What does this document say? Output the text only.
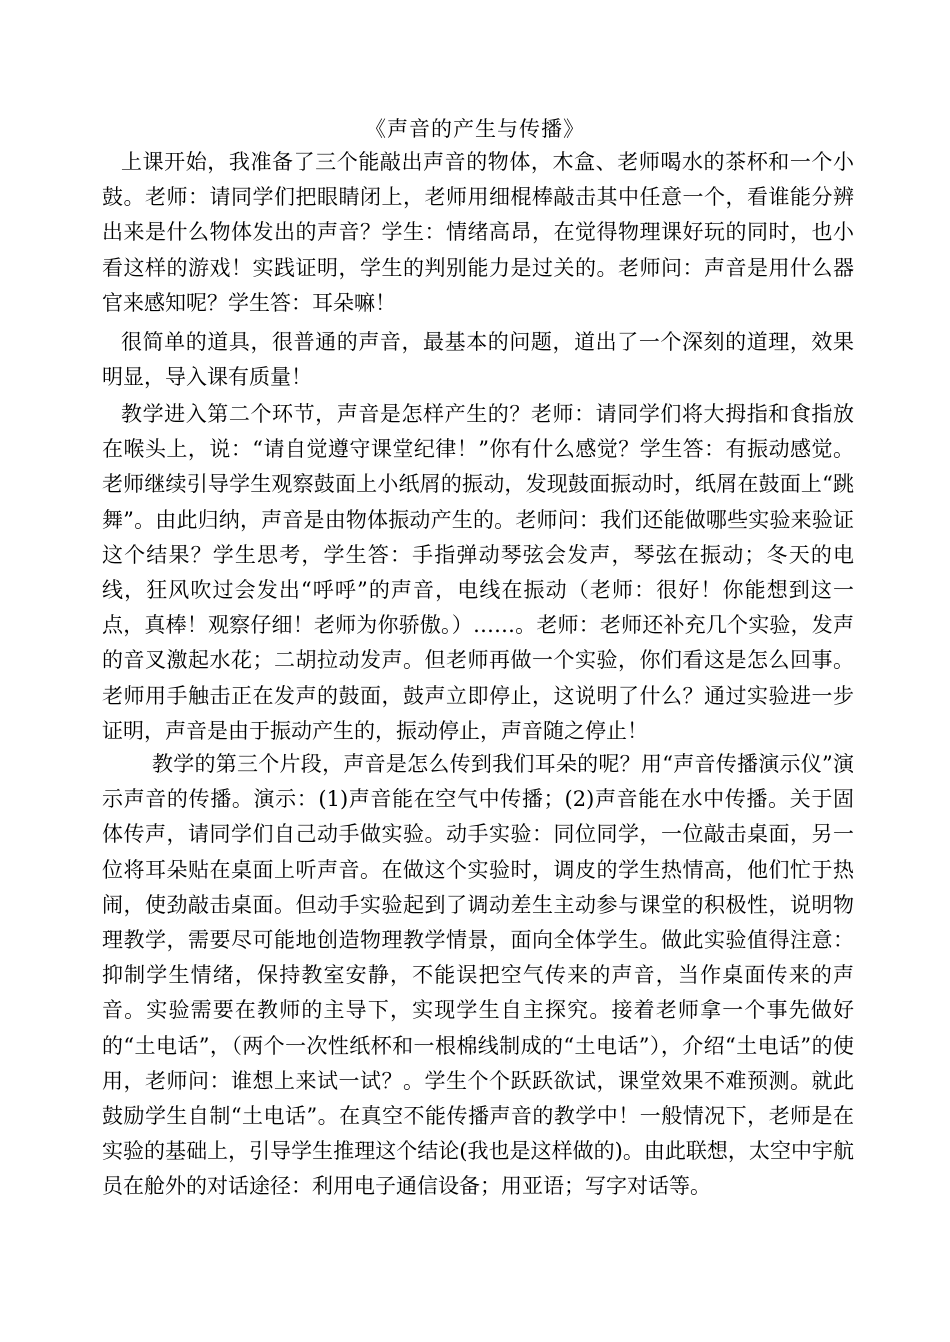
《声音的产生与传播》

上课开始，我准备了三个能敲出声音的物体，木盒、老师喝水的茶杯和一个小鼓。老师：请同学们把眼睛闭上，老师用细棍棒敲击其中任意一个，看谁能分辨出来是什么物体发出的声音？学生：情绪高昂，在觉得物理课好玩的同时，也小看这样的游戏！实践证明，学生的判别能力是过关的。老师问：声音是用什么器官来感知呢？学生答：耳朵嘛！

很简单的道具，很普通的声音，最基本的问题，道出了一个深刻的道理，效果明显，导入课有质量！

教学进入第二个环节，声音是怎样产生的？老师：请同学们将大拇指和食指放在喉头上，说：“请自觉遵守课堂纪律！”你有什么感觉？学生答：有振动感觉。老师继续引导学生观察鼓面上小纸屑的振动，发现鼓面振动时，纸屑在鼓面上“跳舞”。由此归纳，声音是由物体振动产生的。老师问：我们还能做哪些实验来验证这个结果？学生思考，学生答：手指弹动琴弦会发声，琴弦在振动；冬天的电线，狂风吹过会发出“呼呼”的声音，电线在振动（老师：很好！你能想到这一点，真棒！观察仔细！老师为你骄傲。）……。老师：老师还补充几个实验，发声的音叉激起水花；二胡拉动发声。但老师再做一个实验，你们看这是怎么回事。老师用手触击正在发声的鼓面，鼓声立即停止，这说明了什么？通过实验进一步证明，声音是由于振动产生的，振动停止，声音随之停止！

教学的第三个片段，声音是怎么传到我们耳朵的呢？用“声音传播演示仪”演示声音的传播。演示：(1)声音能在空气中传播；(2)声音能在水中传播。关于固体传声，请同学们自己动手做实验。动手实验：同位同学，一位敲击桌面，另一位将耳朵贴在桌面上听声音。在做这个实验时，调皮的学生热情高，他们忙于热闹，使劲敲击桌面。但动手实验起到了调动差生主动参与课堂的积极性，说明物理教学，需要尽可能地创造物理教学情景，面向全体学生。做此实验值得注意：抑制学生情绪，保持教室安静，不能误把空气传来的声音，当作桌面传来的声音。实验需要在教师的主导下，实现学生自主探究。接着老师拿一个事先做好的“土电话”，（两个一次性纸杯和一根棉线制成的“土电话”），介绍“土电话”的使用，老师问：谁想上来试一试？。学生个个跃跃欲试，课堂效果不难预测。就此鼓励学生自制“土电话”。在真空不能传播声音的教学中！一般情况下，老师是在实验的基础上，引导学生推理这个结论(我也是这样做的)。由此联想，太空中宇航员在舱外的对话途径：利用电子通信设备；用亚语；写字对话等。
